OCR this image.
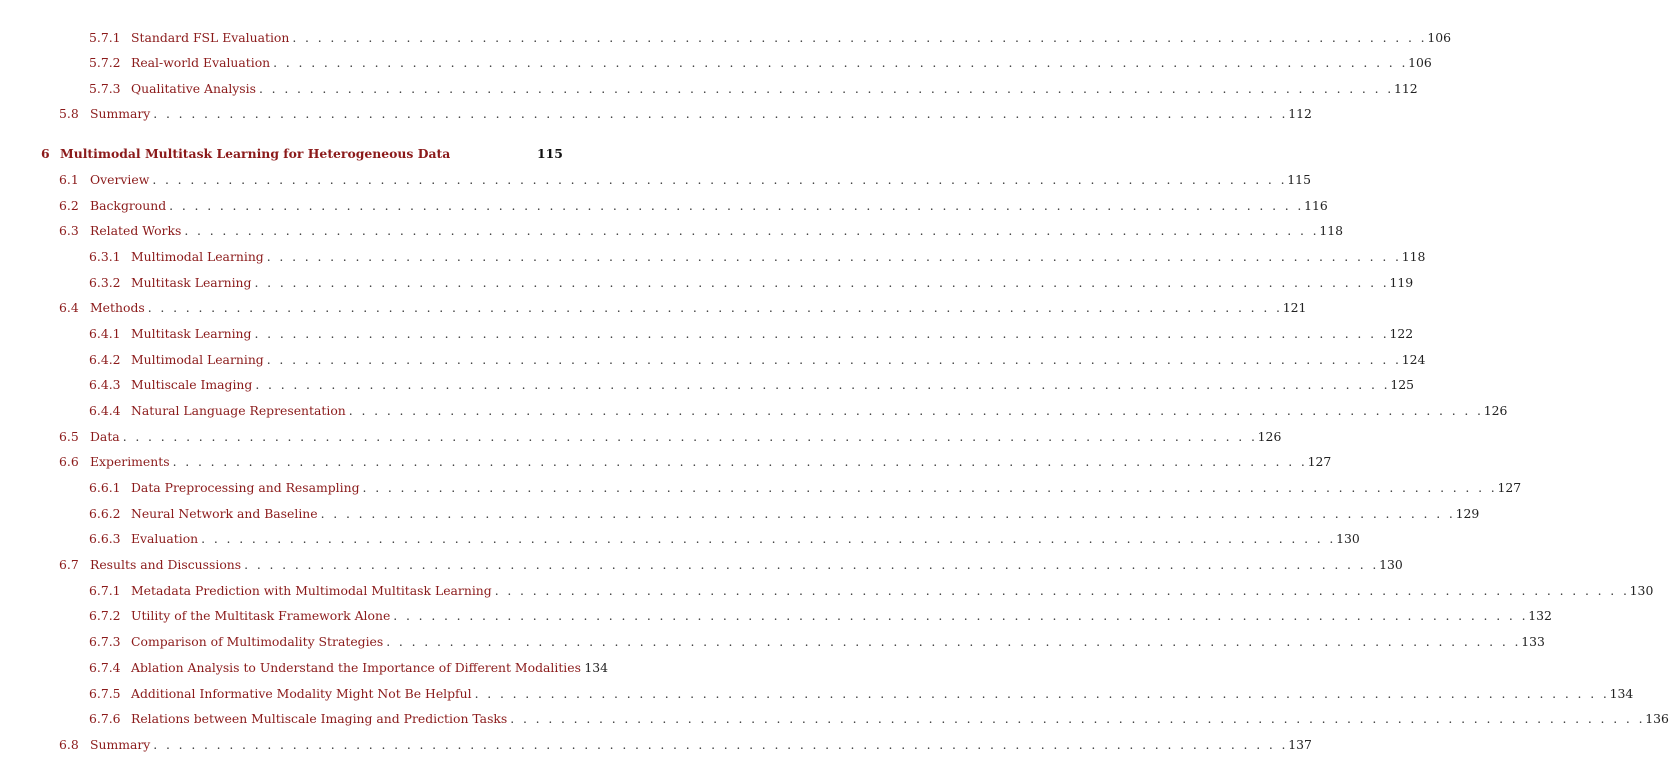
5.7.1 Standard FSL Evaluation . . . . . . . . . . . . . . . . . . . . . . . . . . . . . . . . . . . . . . . . . . . . . . . . . . . . . . . . . . . . . . . . . . . . . . . . . . . . . . . . . . . . . . . . . . 106
5.7.2 Real-world Evaluation . . . . . . . . . . . . . . . . . . . . . . . . . . . . . . . . . . . . . . . . . . . . . . . . . . . . . . . . . . . . . . . . . . . . . . . . . . . . . . . . . . . . . . . . . . 106
5.7.3 Qualitative Analysis . . . . . . . . . . . . . . . . . . . . . . . . . . . . . . . . . . . . . . . . . . . . . . . . . . . . . . . . . . . . . . . . . . . . . . . . . . . . . . . . . . . . . . . . . . 112
5.8 Summary . . . . . . . . . . . . . . . . . . . . . . . . . . . . . . . . . . . . . . . . . . . . . . . . . . . . . . . . . . . . . . . . . . . . . . . . . . . . . . . . . . . . . . . . . . 112
6 Multimodal Multitask Learning for Heterogeneous Data	115
6.1 Overview . . . . . . . . . . . . . . . . . . . . . . . . . . . . . . . . . . . . . . . . . . . . . . . . . . . . . . . . . . . . . . . . . . . . . . . . . . . . . . . . . . . . . . . . . . 115
6.2 Background . . . . . . . . . . . . . . . . . . . . . . . . . . . . . . . . . . . . . . . . . . . . . . . . . . . . . . . . . . . . . . . . . . . . . . . . . . . . . . . . . . . . . . . . . . 116
6.3 Related Works . . . . . . . . . . . . . . . . . . . . . . . . . . . . . . . . . . . . . . . . . . . . . . . . . . . . . . . . . . . . . . . . . . . . . . . . . . . . . . . . . . . . . . . . . . 118
6.3.1 Multimodal Learning . . . . . . . . . . . . . . . . . . . . . . . . . . . . . . . . . . . . . . . . . . . . . . . . . . . . . . . . . . . . . . . . . . . . . . . . . . . . . . . . . . . . . . . . . . 118
6.3.2 Multitask Learning . . . . . . . . . . . . . . . . . . . . . . . . . . . . . . . . . . . . . . . . . . . . . . . . . . . . . . . . . . . . . . . . . . . . . . . . . . . . . . . . . . . . . . . . . . 119
6.4 Methods . . . . . . . . . . . . . . . . . . . . . . . . . . . . . . . . . . . . . . . . . . . . . . . . . . . . . . . . . . . . . . . . . . . . . . . . . . . . . . . . . . . . . . . . . . 121
6.4.1 Multitask Learning . . . . . . . . . . . . . . . . . . . . . . . . . . . . . . . . . . . . . . . . . . . . . . . . . . . . . . . . . . . . . . . . . . . . . . . . . . . . . . . . . . . . . . . . . . 122
6.4.2 Multimodal Learning . . . . . . . . . . . . . . . . . . . . . . . . . . . . . . . . . . . . . . . . . . . . . . . . . . . . . . . . . . . . . . . . . . . . . . . . . . . . . . . . . . . . . . . . . . 124
6.4.3 Multiscale Imaging . . . . . . . . . . . . . . . . . . . . . . . . . . . . . . . . . . . . . . . . . . . . . . . . . . . . . . . . . . . . . . . . . . . . . . . . . . . . . . . . . . . . . . . . . . 125
6.4.4 Natural Language Representation . . . . . . . . . . . . . . . . . . . . . . . . . . . . . . . . . . . . . . . . . . . . . . . . . . . . . . . . . . . . . . . . . . . . . . . . . . . . . . . . . . . . . . . . . . 126
6.5 Data . . . . . . . . . . . . . . . . . . . . . . . . . . . . . . . . . . . . . . . . . . . . . . . . . . . . . . . . . . . . . . . . . . . . . . . . . . . . . . . . . . . . . . . . . . 126
6.6 Experiments . . . . . . . . . . . . . . . . . . . . . . . . . . . . . . . . . . . . . . . . . . . . . . . . . . . . . . . . . . . . . . . . . . . . . . . . . . . . . . . . . . . . . . . . . . 127
6.6.1 Data Preprocessing and Resampling . . . . . . . . . . . . . . . . . . . . . . . . . . . . . . . . . . . . . . . . . . . . . . . . . . . . . . . . . . . . . . . . . . . . . . . . . . . . . . . . . . . . . . . . . . 127
6.6.2 Neural Network and Baseline . . . . . . . . . . . . . . . . . . . . . . . . . . . . . . . . . . . . . . . . . . . . . . . . . . . . . . . . . . . . . . . . . . . . . . . . . . . . . . . . . . . . . . . . . . 129
6.6.3 Evaluation . . . . . . . . . . . . . . . . . . . . . . . . . . . . . . . . . . . . . . . . . . . . . . . . . . . . . . . . . . . . . . . . . . . . . . . . . . . . . . . . . . . . . . . . . . 130
6.7 Results and Discussions . . . . . . . . . . . . . . . . . . . . . . . . . . . . . . . . . . . . . . . . . . . . . . . . . . . . . . . . . . . . . . . . . . . . . . . . . . . . . . . . . . . . . . . . . . 130
6.7.1 Metadata Prediction with Multimodal Multitask Learning . . . . . . . . . . . . . . . . . . . . . . . . . . . . . . . . . . . . . . . . . . . . . . . . . . . . . . . . . . . . . . . . . . . . . . . . . . . . . . . . . . . . . . . . . . 130
6.7.2 Utility of the Multitask Framework Alone . . . . . . . . . . . . . . . . . . . . . . . . . . . . . . . . . . . . . . . . . . . . . . . . . . . . . . . . . . . . . . . . . . . . . . . . . . . . . . . . . . . . . . . . . . 132
6.7.3 Comparison of Multimodality Strategies . . . . . . . . . . . . . . . . . . . . . . . . . . . . . . . . . . . . . . . . . . . . . . . . . . . . . . . . . . . . . . . . . . . . . . . . . . . . . . . . . . . . . . . . . . 133
6.7.4 Ablation Analysis to Understand the Importance of Different Modalities 134
6.7.5 Additional Informative Modality Might Not Be Helpful . . . . . . . . . . . . . . . . . . . . . . . . . . . . . . . . . . . . . . . . . . . . . . . . . . . . . . . . . . . . . . . . . . . . . . . . . . . . . . . . . . . . . . . . . . 134
6.7.6 Relations between Multiscale Imaging and Prediction Tasks . . . . . . . . . . . . . . . . . . . . . . . . . . . . . . . . . . . . . . . . . . . . . . . . . . . . . . . . . . . . . . . . . . . . . . . . . . . . . . . . . . . . . . . . . . 136
6.8 Summary . . . . . . . . . . . . . . . . . . . . . . . . . . . . . . . . . . . . . . . . . . . . . . . . . . . . . . . . . . . . . . . . . . . . . . . . . . . . . . . . . . . . . . . . . . 137
